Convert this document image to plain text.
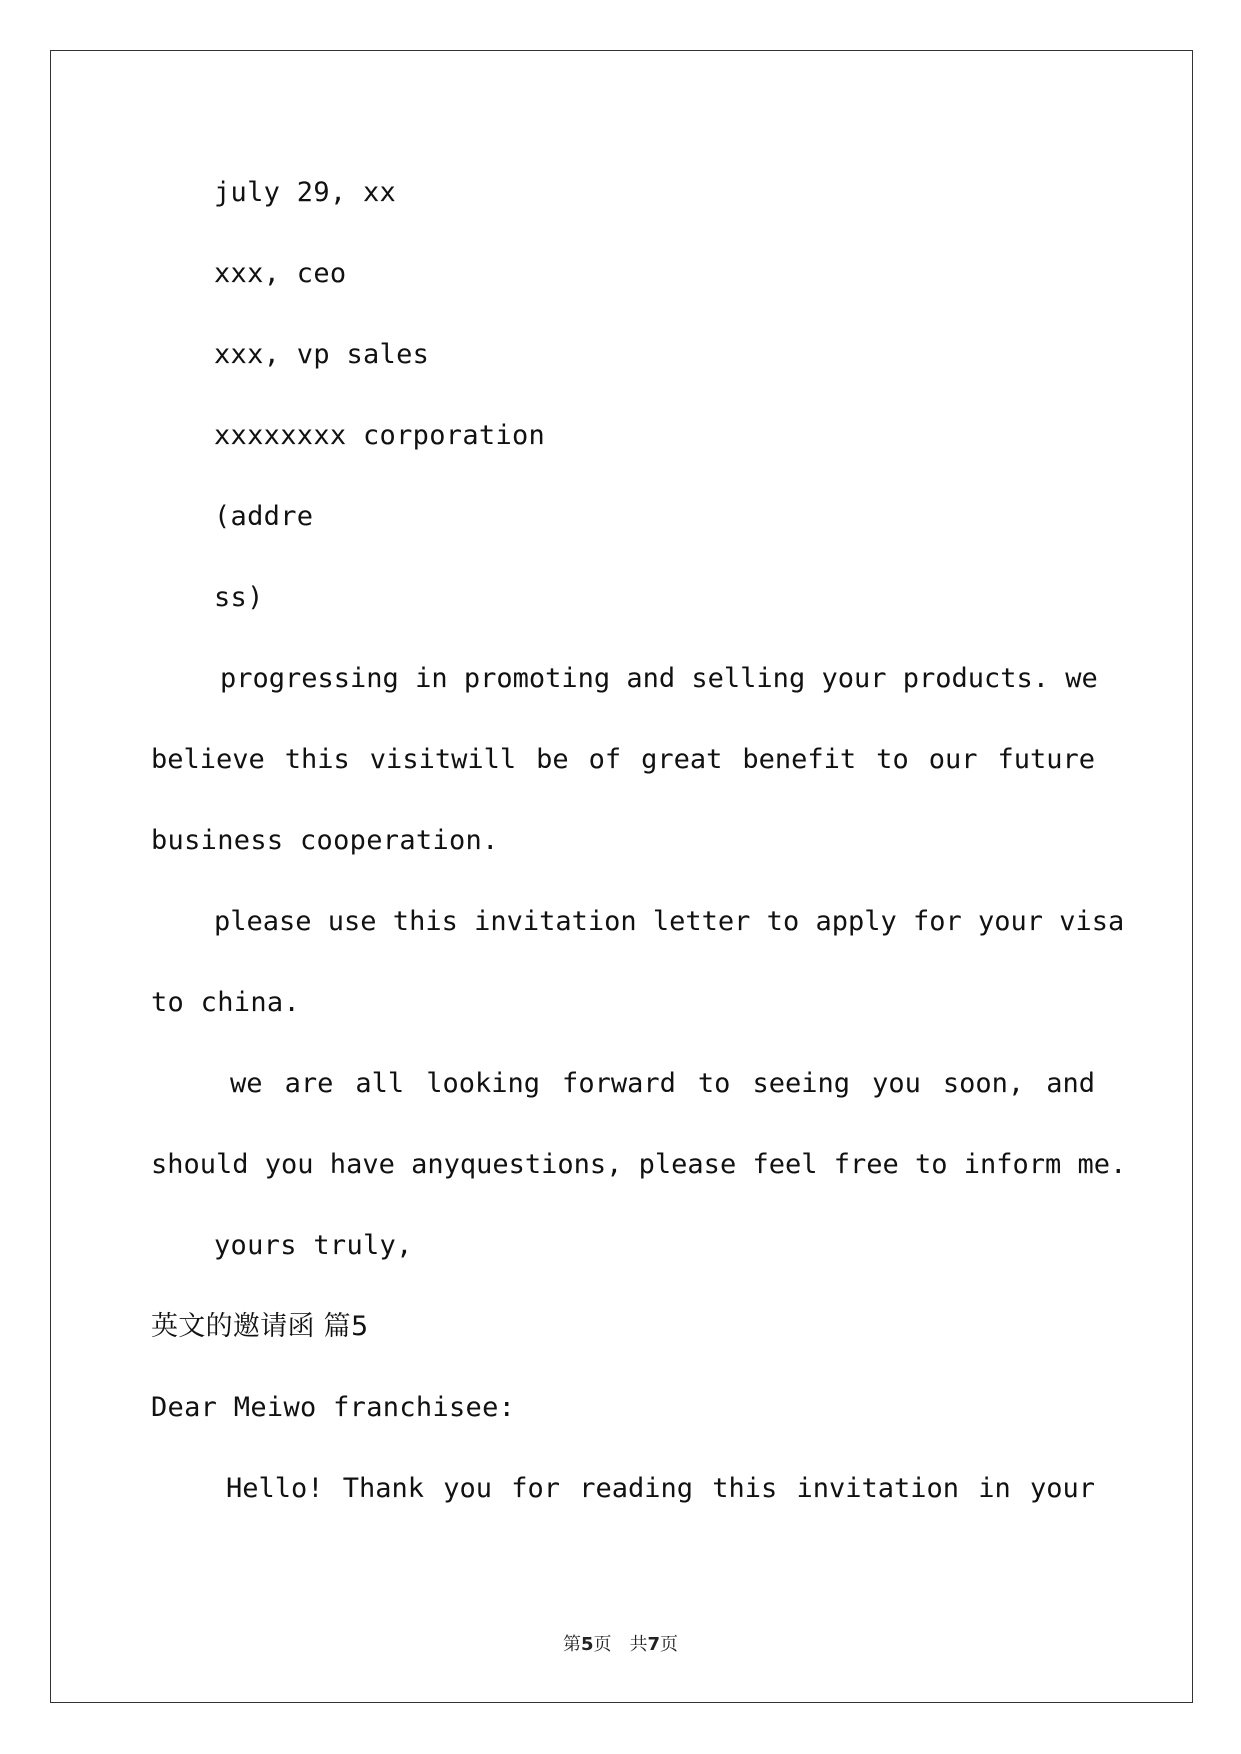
july 29, xx
xxx, ceo
xxx, vp sales
xxxxxxxx corporation
(addre
ss)
progressing in promoting and selling your products. we
believe this visitwill be of great benefit to our future
business cooperation.
please use this invitation letter to apply for your visa
to china.
we are all looking forward to seeing you soon, and
should you have anyquestions, please feel free to inform me.
yours truly,
英文的邀请函 篇5
Dear Meiwo franchisee:
Hello! Thank you for reading this invitation in your
第5页　共7页
